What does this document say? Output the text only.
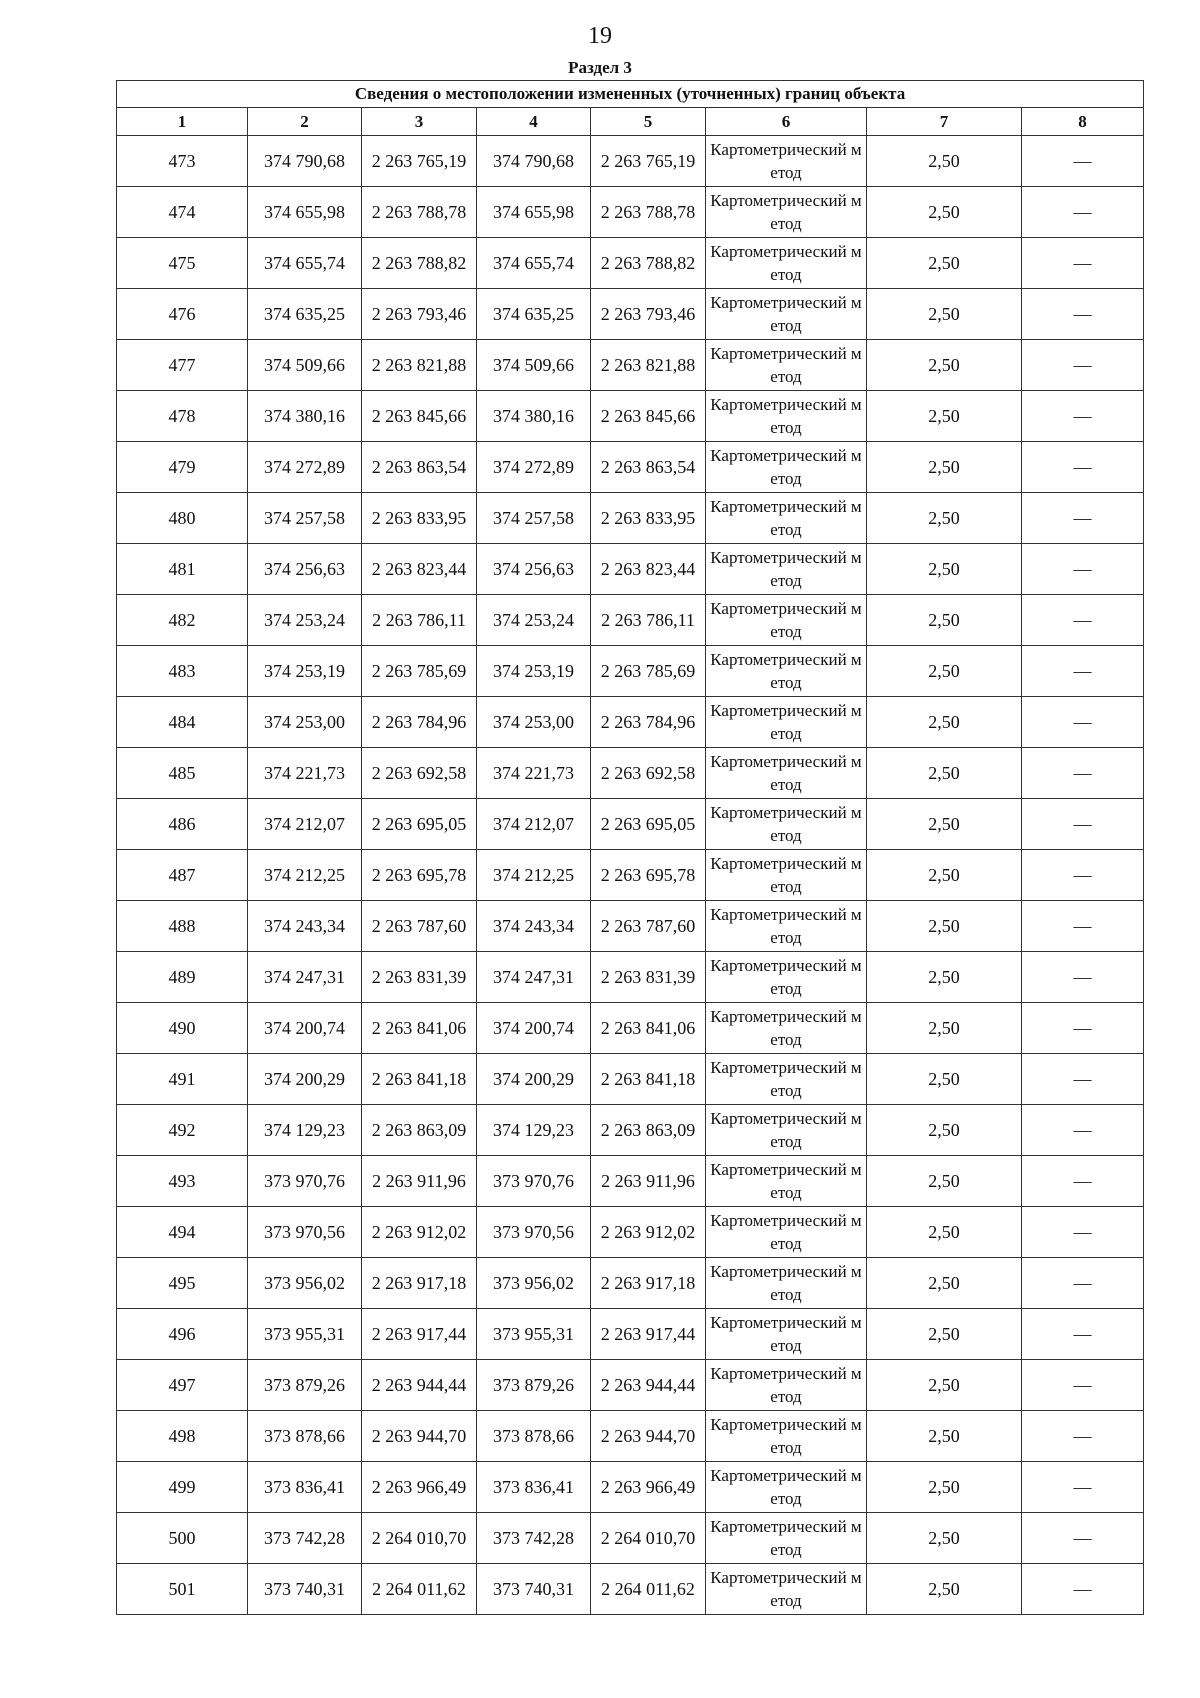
19
Раздел 3
Сведения о местоположении измененных (уточненных) границ объекта							
1	2	3	4	5	6	7	8
473	374 790,68	2 263 765,19	374 790,68	2 263 765,19	Картометрический метод	2,50	—
474	374 655,98	2 263 788,78	374 655,98	2 263 788,78	Картометрический метод	2,50	—
475	374 655,74	2 263 788,82	374 655,74	2 263 788,82	Картометрический метод	2,50	—
476	374 635,25	2 263 793,46	374 635,25	2 263 793,46	Картометрический метод	2,50	—
477	374 509,66	2 263 821,88	374 509,66	2 263 821,88	Картометрический метод	2,50	—
478	374 380,16	2 263 845,66	374 380,16	2 263 845,66	Картометрический метод	2,50	—
479	374 272,89	2 263 863,54	374 272,89	2 263 863,54	Картометрический метод	2,50	—
480	374 257,58	2 263 833,95	374 257,58	2 263 833,95	Картометрический метод	2,50	—
481	374 256,63	2 263 823,44	374 256,63	2 263 823,44	Картометрический метод	2,50	—
482	374 253,24	2 263 786,11	374 253,24	2 263 786,11	Картометрический метод	2,50	—
483	374 253,19	2 263 785,69	374 253,19	2 263 785,69	Картометрический метод	2,50	—
484	374 253,00	2 263 784,96	374 253,00	2 263 784,96	Картометрический метод	2,50	—
485	374 221,73	2 263 692,58	374 221,73	2 263 692,58	Картометрический метод	2,50	—
486	374 212,07	2 263 695,05	374 212,07	2 263 695,05	Картометрический метод	2,50	—
487	374 212,25	2 263 695,78	374 212,25	2 263 695,78	Картометрический метод	2,50	—
488	374 243,34	2 263 787,60	374 243,34	2 263 787,60	Картометрический метод	2,50	—
489	374 247,31	2 263 831,39	374 247,31	2 263 831,39	Картометрический метод	2,50	—
490	374 200,74	2 263 841,06	374 200,74	2 263 841,06	Картометрический метод	2,50	—
491	374 200,29	2 263 841,18	374 200,29	2 263 841,18	Картометрический метод	2,50	—
492	374 129,23	2 263 863,09	374 129,23	2 263 863,09	Картометрический метод	2,50	—
493	373 970,76	2 263 911,96	373 970,76	2 263 911,96	Картометрический метод	2,50	—
494	373 970,56	2 263 912,02	373 970,56	2 263 912,02	Картометрический метод	2,50	—
495	373 956,02	2 263 917,18	373 956,02	2 263 917,18	Картометрический метод	2,50	—
496	373 955,31	2 263 917,44	373 955,31	2 263 917,44	Картометрический метод	2,50	—
497	373 879,26	2 263 944,44	373 879,26	2 263 944,44	Картометрический метод	2,50	—
498	373 878,66	2 263 944,70	373 878,66	2 263 944,70	Картометрический метод	2,50	—
499	373 836,41	2 263 966,49	373 836,41	2 263 966,49	Картометрический метод	2,50	—
500	373 742,28	2 264 010,70	373 742,28	2 264 010,70	Картометрический метод	2,50	—
501	373 740,31	2 264 011,62	373 740,31	2 264 011,62	Картометрический метод	2,50	—
